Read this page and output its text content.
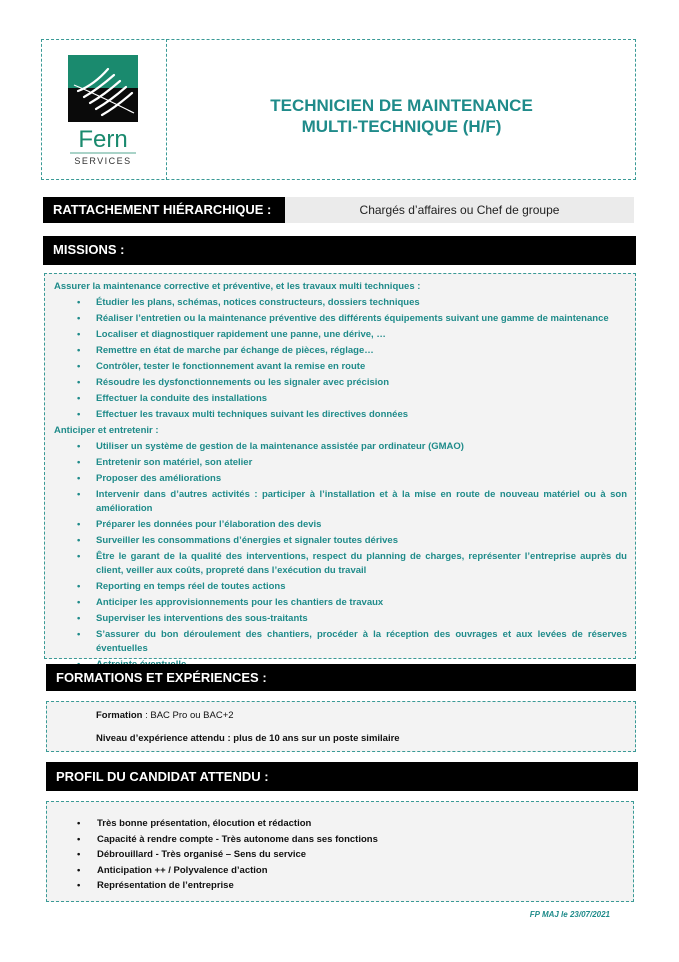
Fern
SERVICES
TECHNICIEN DE MAINTENANCE
MULTI-TECHNIQUE (H/F)
RATTACHEMENT HIÉRARCHIQUE :	Chargés d’affaires ou Chef de groupe
MISSIONS :
Assurer la maintenance corrective et préventive, et les travaux multi techniques :
• Étudier les plans, schémas, notices constructeurs, dossiers techniques
• Réaliser l’entretien ou la maintenance préventive des différents équipements suivant une gamme de maintenance
• Localiser et diagnostiquer rapidement une panne, une dérive, …
• Remettre en état de marche par échange de pièces, réglage…
• Contrôler, tester le fonctionnement avant la remise en route
• Résoudre les dysfonctionnements ou les signaler avec précision
• Effectuer la conduite des installations
• Effectuer les travaux multi techniques suivant les directives données
Anticiper et entretenir :
• Utiliser un système de gestion de la maintenance assistée par ordinateur (GMAO)
• Entretenir son matériel, son atelier
• Proposer des améliorations
• Intervenir dans d’autres activités : participer à l’installation et à la mise en route de nouveau matériel ou à son amélioration
• Préparer les données pour l’élaboration des devis
• Surveiller les consommations d’énergies et signaler toutes dérives
• Être le garant de la qualité des interventions, respect du planning de charges, représenter l’entreprise auprès du client, veiller aux coûts, propreté dans l’exécution du travail
• Reporting en temps réel de toutes actions
• Anticiper les approvisionnements pour les chantiers de travaux
• Superviser les interventions des sous-traitants
• S’assurer du bon déroulement des chantiers, procéder à la réception des ouvrages et aux levées de réserves éventuelles
FORMATIONS ET EXPÉRIENCES :
Formation : BAC Pro ou BAC+2
Niveau d’expérience attendu : plus de 10 ans sur un poste similaire
PROFIL DU CANDIDAT ATTENDU :
• Très bonne présentation, élocution et rédaction
• Capacité à rendre compte - Très autonome dans ses fonctions
• Débrouillard - Très organisé – Sens du service
• Anticipation ++ / Polyvalence d’action
• Représentation de l’entreprise
FP MAJ le 23/07/2021
